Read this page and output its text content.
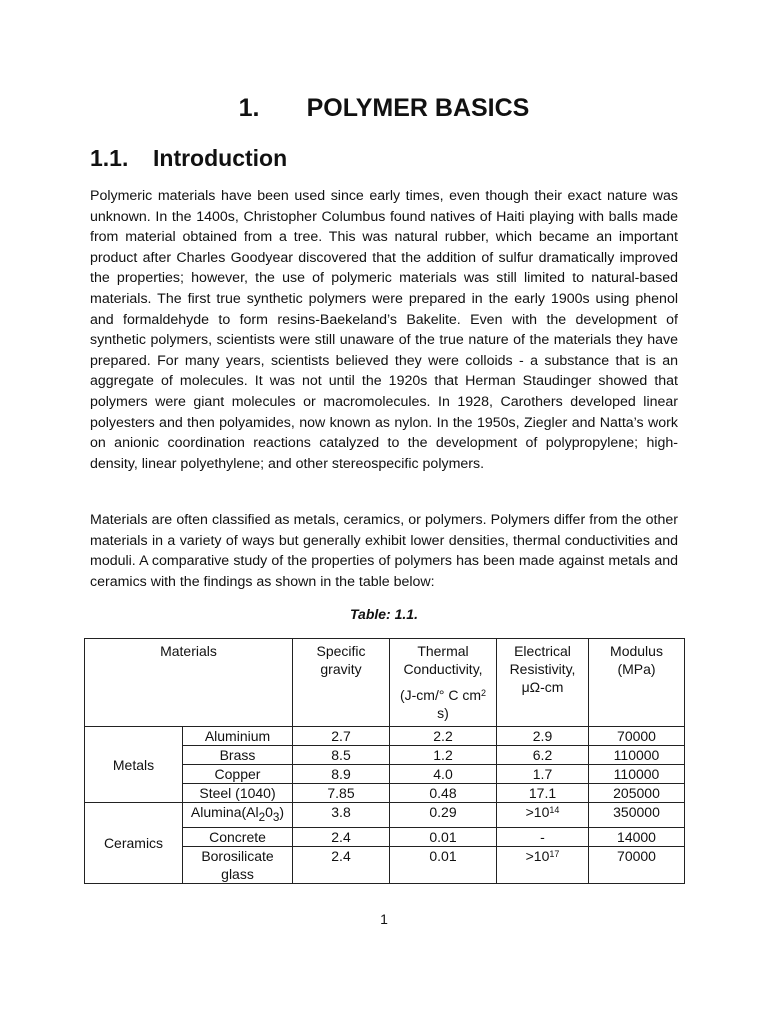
1. POLYMER BASICS
1.1. Introduction

Polymeric materials have been used since early times, even though their exact nature was unknown. In the 1400s, Christopher Columbus found natives of Haiti playing with balls made from material obtained from a tree. This was natural rubber, which became an important product after Charles Goodyear discovered that the addition of sulfur dramatically improved the properties; however, the use of polymeric materials was still limited to natural-based materials. The first true synthetic polymers were prepared in the early 1900s using phenol and formaldehyde to form resins-Baekeland’s Bakelite. Even with the development of synthetic polymers, scientists were still unaware of the true nature of the materials they have prepared. For many years, scientists believed they were colloids - a substance that is an aggregate of molecules. It was not until the 1920s that Herman Staudinger showed that polymers were giant molecules or macromolecules. In 1928, Carothers developed linear polyesters and then polyamides, now known as nylon. In the 1950s, Ziegler and Natta’s work on anionic coordination reactions catalyzed to the development of polypropylene; high-density, linear polyethylene; and other stereospecific polymers.

Materials are often classified as metals, ceramics, or polymers. Polymers differ from the other materials in a variety of ways but generally exhibit lower densities, thermal conductivities and moduli. A comparative study of the properties of polymers has been made against metals and ceramics with the findings as shown in the table below:

Table: 1.1.
Materials		Specific gravity	Thermal Conductivity,
(J-cm/° C $cm^2$
s)	Electrical Resistivity, μΩ-cm	Modulus (MPa)
Metals	Aluminium	2.7	2.2	2.9	70000
	Brass	8.5	1.2	6.2	110000
	Copper	8.9	4.0	1.7	110000
	Steel (1040)	7.85	0.48	17.1	205000
Ceramics	$Alumina(Al_20_3)$	3.8	0.29	$>10^{14}$	350000
	Concrete	2.4	0.01	-	14000
	Borosilicate glass	2.4	0.01	$>10^{17}$	70000
1
